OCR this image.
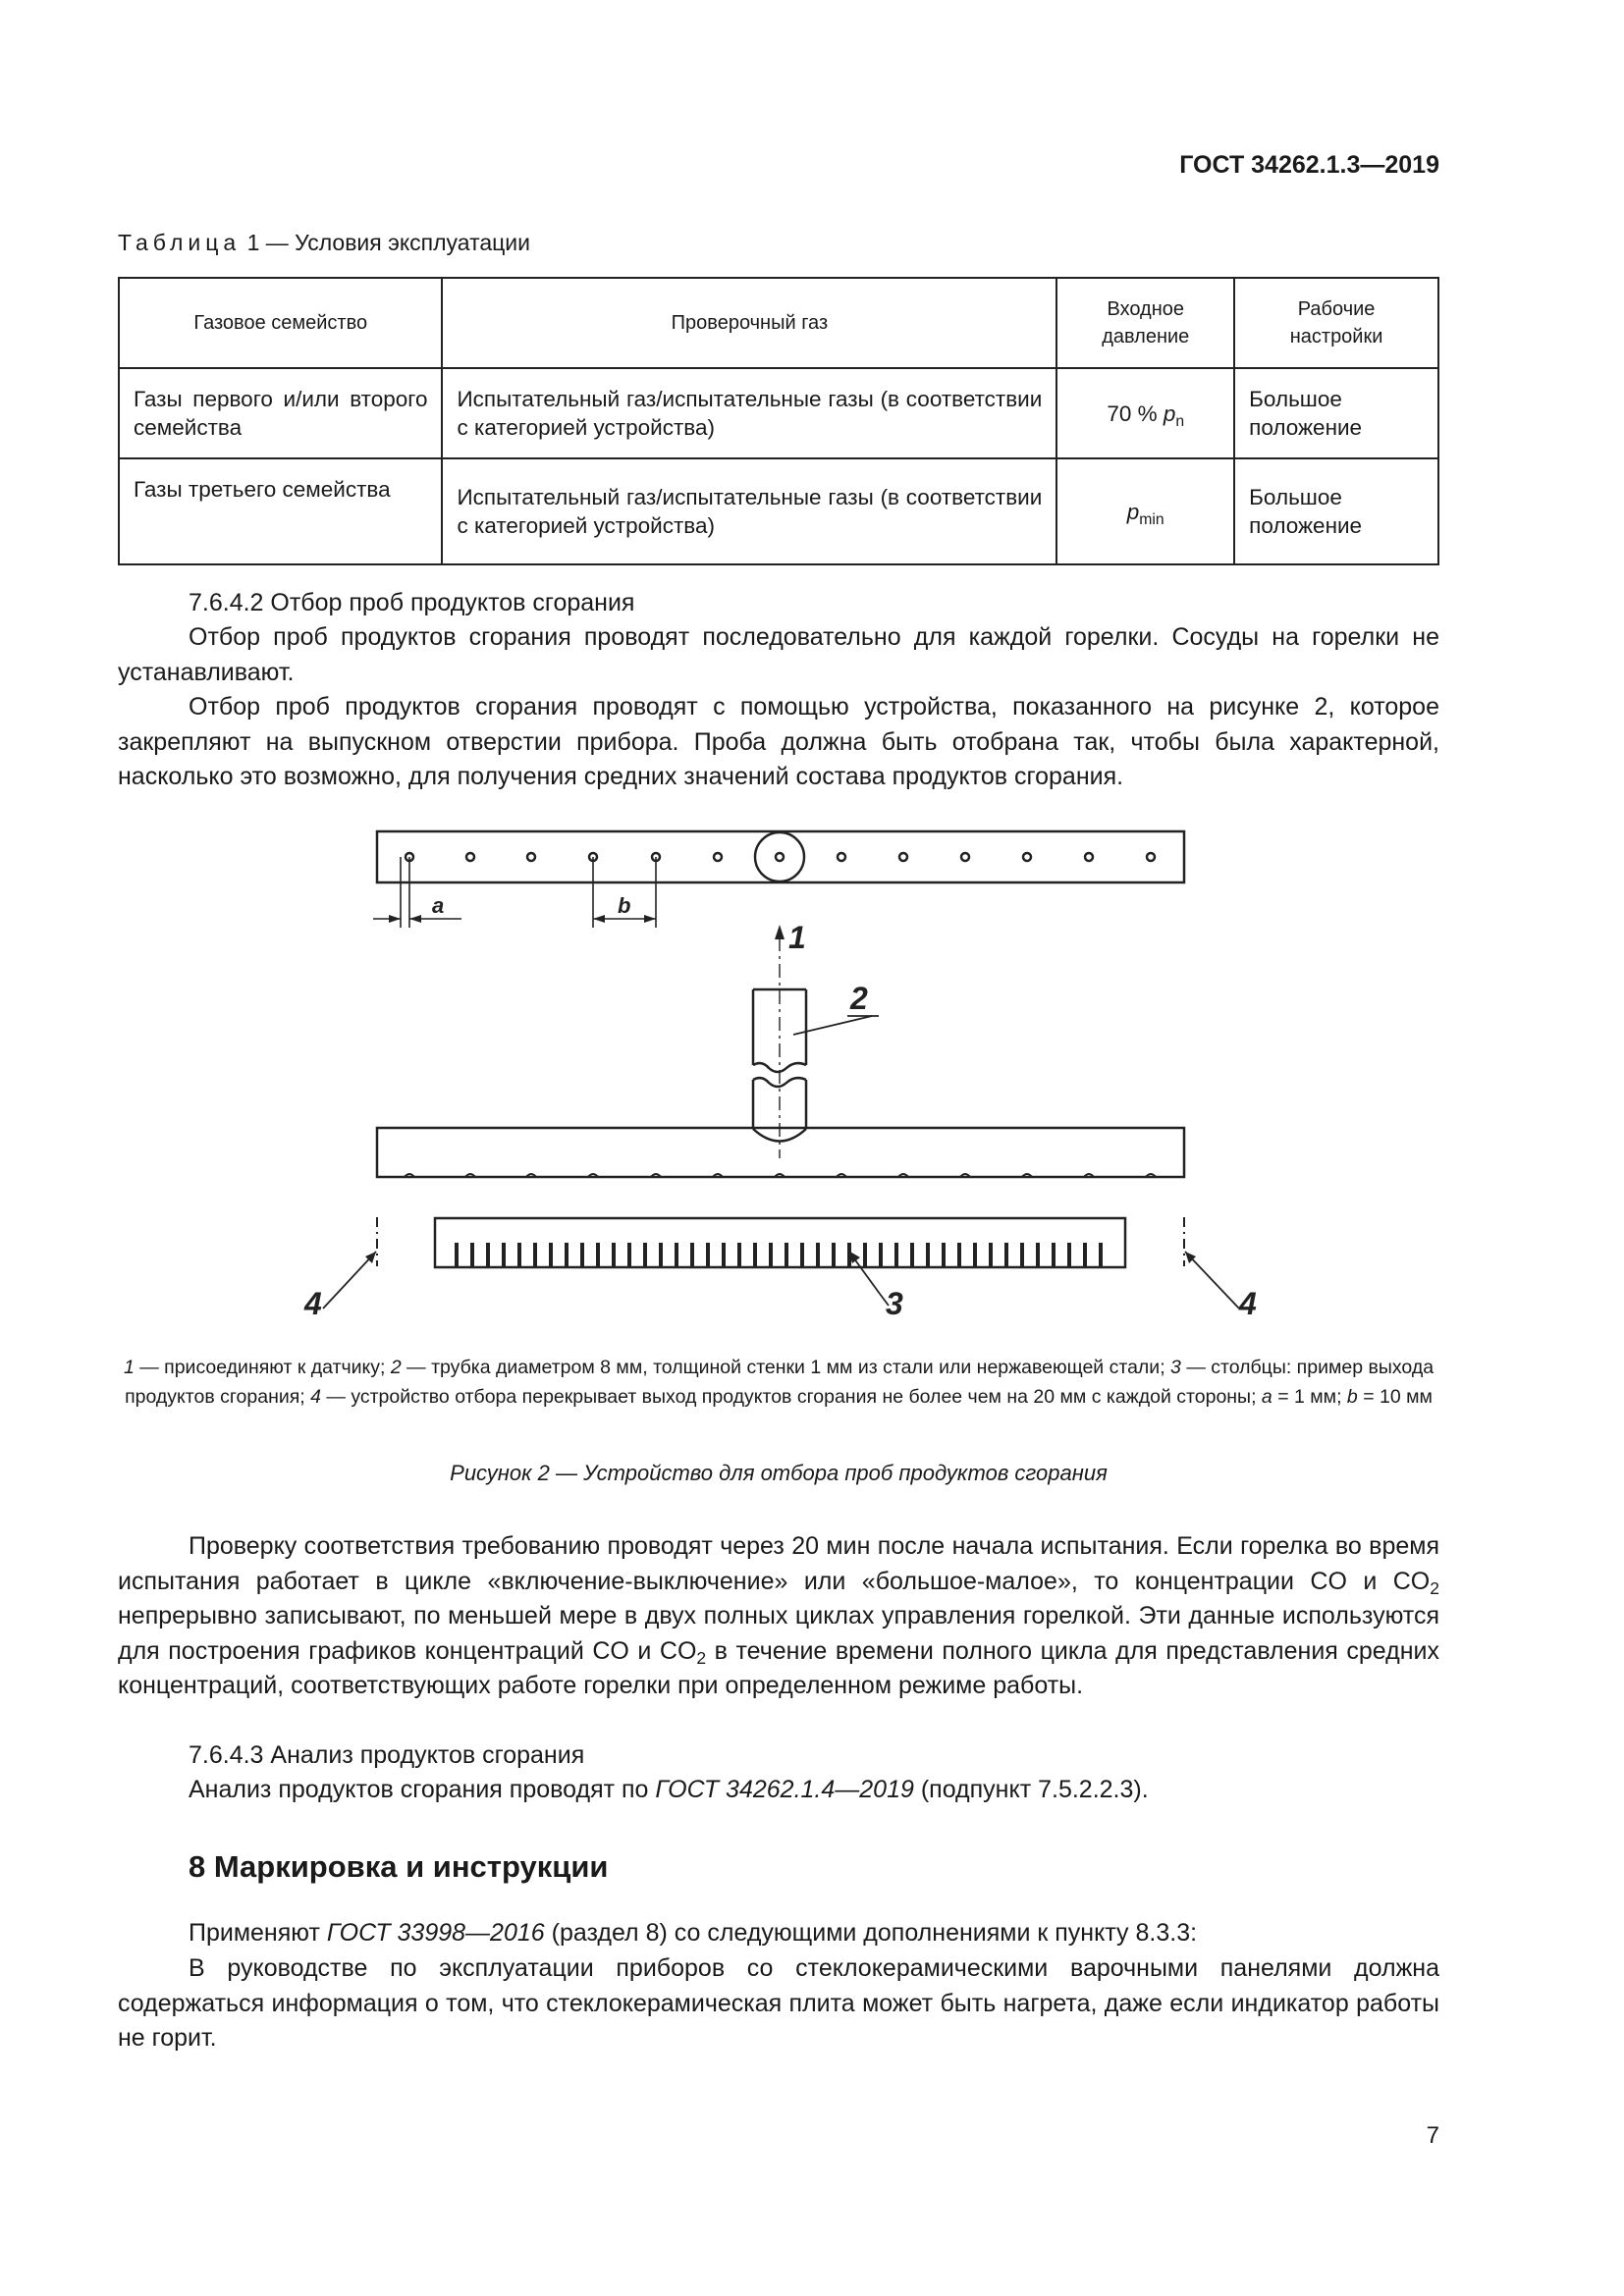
ГОСТ 34262.1.3—2019
Таблица 1 — Условия эксплуатации
Газовое семейство	Проверочный газ	Входное давление	Рабочие настройки

Газы первого и/или второго семейства	Испытательный газ/испытательные газы (в соответствии с категорией устройства)	70 % $p_n$	Большое положение
Газы третьего семейства	Испытательный газ/испытательные газы (в соответствии с категорией устройства)	$p_{min}$	Большое положение
7.6.4.2 Отбор проб продуктов сгорания
Отбор проб продуктов сгорания проводят последовательно для каждой горелки. Сосуды на горелки не устанавливают.
Отбор проб продуктов сгорания проводят с помощью устройства, показанного на рисунке 2, которое закрепляют на выпускном отверстии прибора. Проба должна быть отобрана так, чтобы была характерной, насколько это возможно, для получения средних значений состава продуктов сгорания.
a	b
1
2
3
4	4
1 — присоединяют к датчику; 2 — трубка диаметром 8 мм, толщиной стенки 1 мм из стали или нержавеющей стали; 3 — столбцы: пример выхода продуктов сгорания; 4 — устройство отбора перекрывает выход продуктов сгорания не более чем на 20 мм с каждой стороны; a = 1 мм; b = 10 мм
Рисунок 2 — Устройство для отбора проб продуктов сгорания
Проверку соответствия требованию проводят через 20 мин после начала испытания. Если горелка во время испытания работает в цикле «включение-выключение» или «большое-малое», то концентрации CO и $CO_2$ непрерывно записывают, по меньшей мере в двух полных циклах управления горелкой. Эти данные используются для построения графиков концентраций CO и $CO_2$ в течение времени полного цикла для представления средних концентраций, соответствующих работе горелки при определенном режиме работы.
7.6.4.3 Анализ продуктов сгорания
Анализ продуктов сгорания проводят по ГОСТ 34262.1.4—2019 (подпункт 7.5.2.2.3).
8 Маркировка и инструкции
Применяют ГОСТ 33998—2016 (раздел 8) со следующими дополнениями к пункту 8.3.3:
В руководстве по эксплуатации приборов со стеклокерамическими варочными панелями должна содержаться информация о том, что стеклокерамическая плита может быть нагрета, даже если индикатор работы не горит.
7
